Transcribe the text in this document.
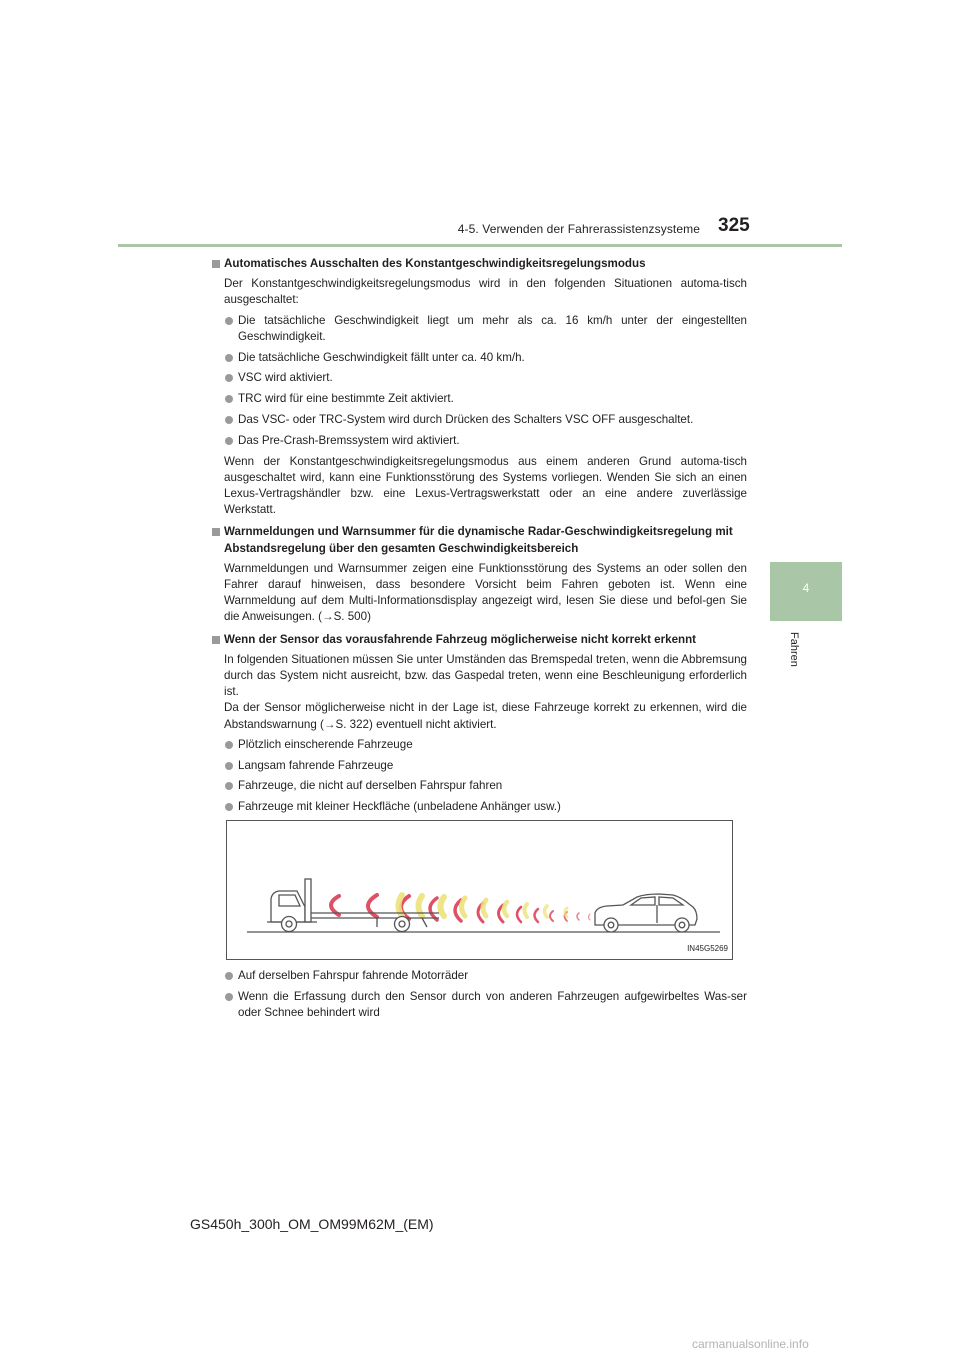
4-5. Verwenden der Fahrerassistenzsysteme 325
4
Fahren
Automatisches Ausschalten des Konstantgeschwindigkeitsregelungsmodus
Der Konstantgeschwindigkeitsregelungsmodus wird in den folgenden Situationen automa-tisch ausgeschaltet:
Die tatsächliche Geschwindigkeit liegt um mehr als ca. 16 km/h unter der eingestellten Geschwindigkeit.
Die tatsächliche Geschwindigkeit fällt unter ca. 40 km/h.
VSC wird aktiviert.
TRC wird für eine bestimmte Zeit aktiviert.
Das VSC- oder TRC-System wird durch Drücken des Schalters VSC OFF ausgeschaltet.
Das Pre-Crash-Bremssystem wird aktiviert.
Wenn der Konstantgeschwindigkeitsregelungsmodus aus einem anderen Grund automa-tisch ausgeschaltet wird, kann eine Funktionsstörung des Systems vorliegen. Wenden Sie sich an einen Lexus-Vertragshändler bzw. eine Lexus-Vertragswerkstatt oder an eine andere zuverlässige Werkstatt.
Warnmeldungen und Warnsummer für die dynamische Radar-Geschwindigkeitsregelung mit Abstandsregelung über den gesamten Geschwindigkeitsbereich
Warnmeldungen und Warnsummer zeigen eine Funktionsstörung des Systems an oder sollen den Fahrer darauf hinweisen, dass besondere Vorsicht beim Fahren geboten ist. Wenn eine Warnmeldung auf dem Multi-Informationsdisplay angezeigt wird, lesen Sie diese und befol-gen Sie die Anweisungen. (→S. 500)
Wenn der Sensor das vorausfahrende Fahrzeug möglicherweise nicht korrekt erkennt
In folgenden Situationen müssen Sie unter Umständen das Bremspedal treten, wenn die Abbremsung durch das System nicht ausreicht, bzw. das Gaspedal treten, wenn eine Beschleunigung erforderlich ist.
Da der Sensor möglicherweise nicht in der Lage ist, diese Fahrzeuge korrekt zu erkennen, wird die Abstandswarnung (→S. 322) eventuell nicht aktiviert.
Plötzlich einscherende Fahrzeuge
Langsam fahrende Fahrzeuge
Fahrzeuge, die nicht auf derselben Fahrspur fahren
Fahrzeuge mit kleiner Heckfläche (unbeladene Anhänger usw.)
IN45G5269
Auf derselben Fahrspur fahrende Motorräder
Wenn die Erfassung durch den Sensor durch von anderen Fahrzeugen aufgewirbeltes Was-ser oder Schnee behindert wird
GS450h_300h_OM_OM99M62M_(EM)
carmanualsonline.info
